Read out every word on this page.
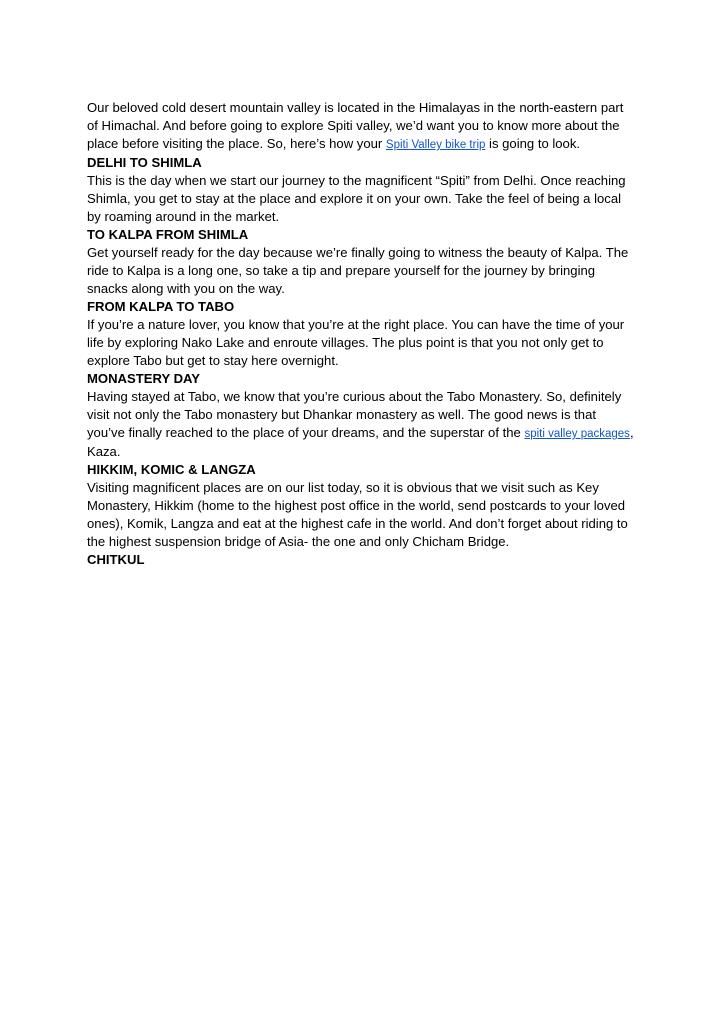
Our beloved cold desert mountain valley is located in the Himalayas in the north-eastern part of Himachal. And before going to explore Spiti valley, we’d want you to know more about the place before visiting the place. So, here’s how your Spiti Valley bike trip is going to look.

DELHI TO SHIMLA

This is the day when we start our journey to the magnificent “Spiti” from Delhi. Once reaching Shimla, you get to stay at the place and explore it on your own. Take the feel of being a local by roaming around in the market.

TO KALPA FROM SHIMLA

Get yourself ready for the day because we’re finally going to witness the beauty of Kalpa. The ride to Kalpa is a long one, so take a tip and prepare yourself for the journey by bringing snacks along with you on the way.

FROM KALPA TO TABO

If you’re a nature lover, you know that you’re at the right place. You can have the time of your life by exploring Nako Lake and enroute villages. The plus point is that you not only get to explore Tabo but get to stay here overnight.

MONASTERY DAY

Having stayed at Tabo, we know that you’re curious about the Tabo Monastery. So, definitely visit not only the Tabo monastery but Dhankar monastery as well. The good news is that you’ve finally reached to the place of your dreams, and the superstar of the spiti valley packages, Kaza.

HIKKIM, KOMIC & LANGZA

Visiting magnificent places are on our list today, so it is obvious that we visit such as Key Monastery, Hikkim (home to the highest post office in the world, send postcards to your loved ones), Komik, Langza and eat at the highest cafe in the world. And don’t forget about riding to the highest suspension bridge of Asia- the one and only Chicham Bridge.

CHITKUL
